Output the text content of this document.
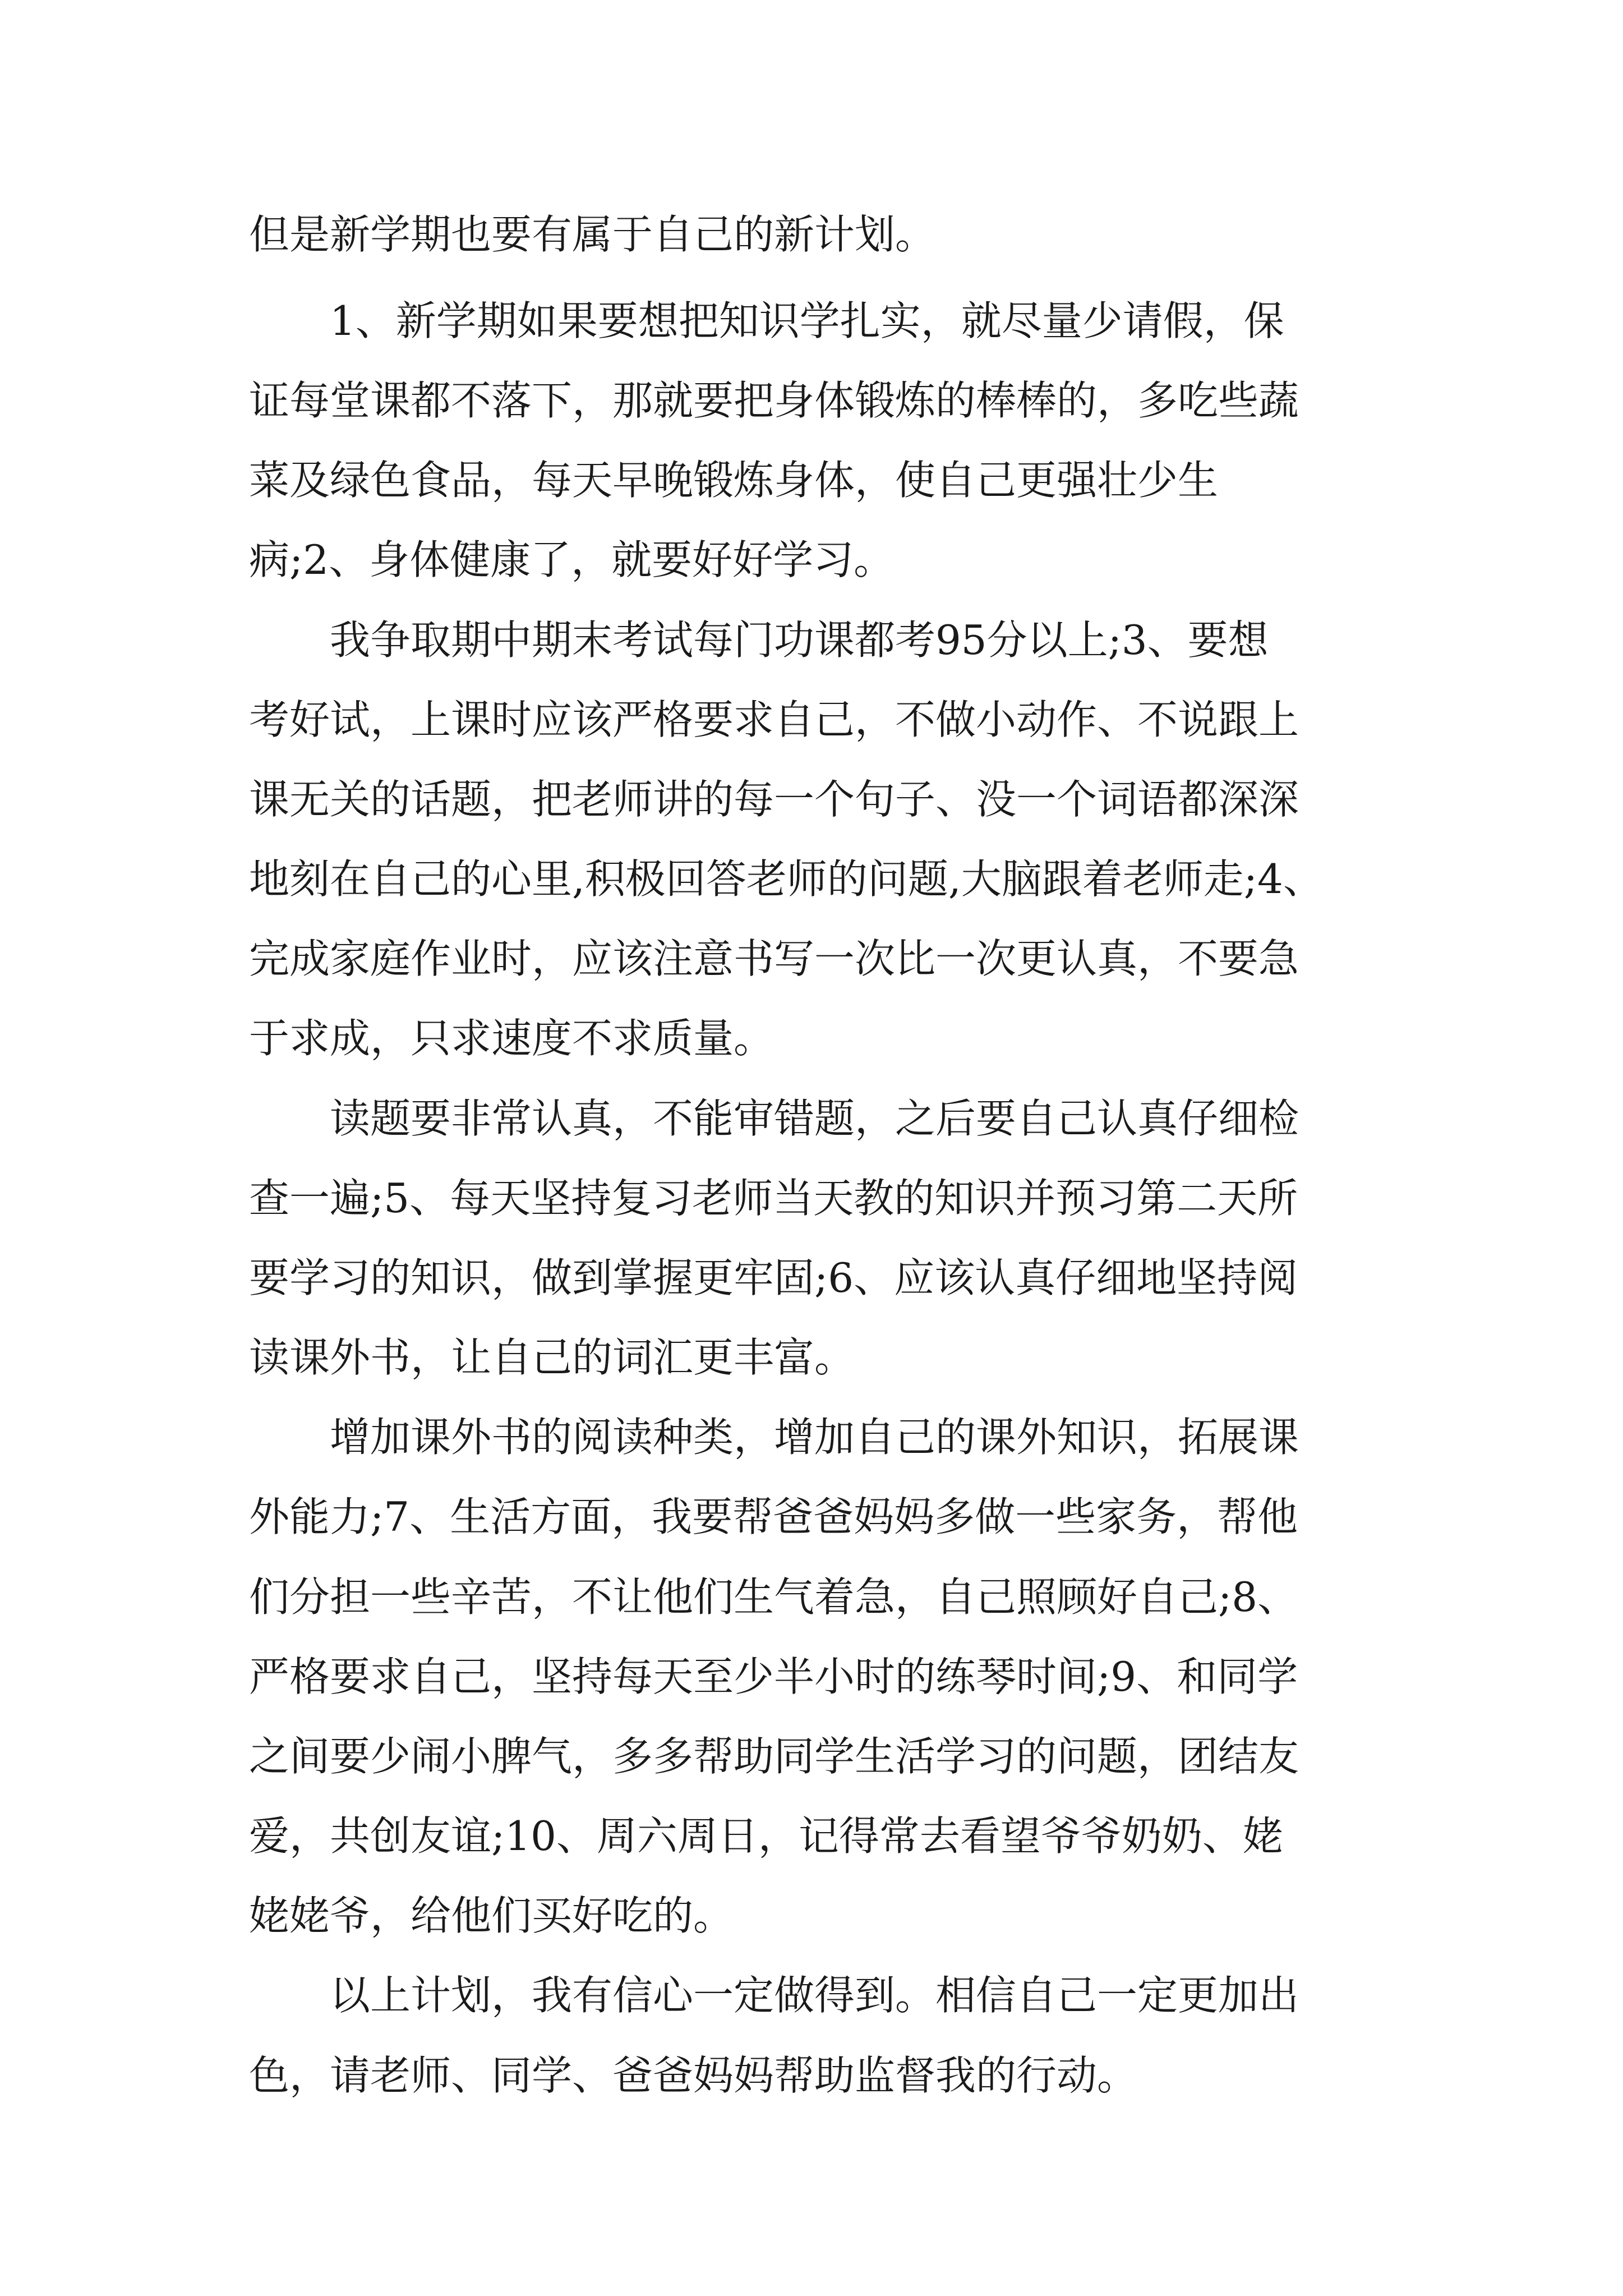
但是新学期也要有属于自己的新计划。
1、新学期如果要想把知识学扎实，就尽量少请假，保
证每堂课都不落下，那就要把身体锻炼的棒棒的，多吃些蔬
菜及绿色食品，每天早晚锻炼身体，使自己更强壮少生
病;2、身体健康了，就要好好学习。
我争取期中期末考试每门功课都考95分以上;3、要想
考好试，上课时应该严格要求自己，不做小动作、不说跟上
课无关的话题，把老师讲的每一个句子、没一个词语都深深
地刻在自己的心里,积极回答老师的问题,大脑跟着老师走;4、
完成家庭作业时，应该注意书写一次比一次更认真，不要急
于求成，只求速度不求质量。
读题要非常认真，不能审错题，之后要自己认真仔细检
查一遍;5、每天坚持复习老师当天教的知识并预习第二天所
要学习的知识，做到掌握更牢固;6、应该认真仔细地坚持阅
读课外书，让自己的词汇更丰富。
增加课外书的阅读种类，增加自己的课外知识，拓展课
外能力;7、生活方面，我要帮爸爸妈妈多做一些家务，帮他
们分担一些辛苦，不让他们生气着急，自己照顾好自己;8、
严格要求自己，坚持每天至少半小时的练琴时间;9、和同学
之间要少闹小脾气，多多帮助同学生活学习的问题，团结友
爱，共创友谊;10、周六周日，记得常去看望爷爷奶奶、姥
姥姥爷，给他们买好吃的。
以上计划，我有信心一定做得到。相信自己一定更加出
色，请老师、同学、爸爸妈妈帮助监督我的行动。
